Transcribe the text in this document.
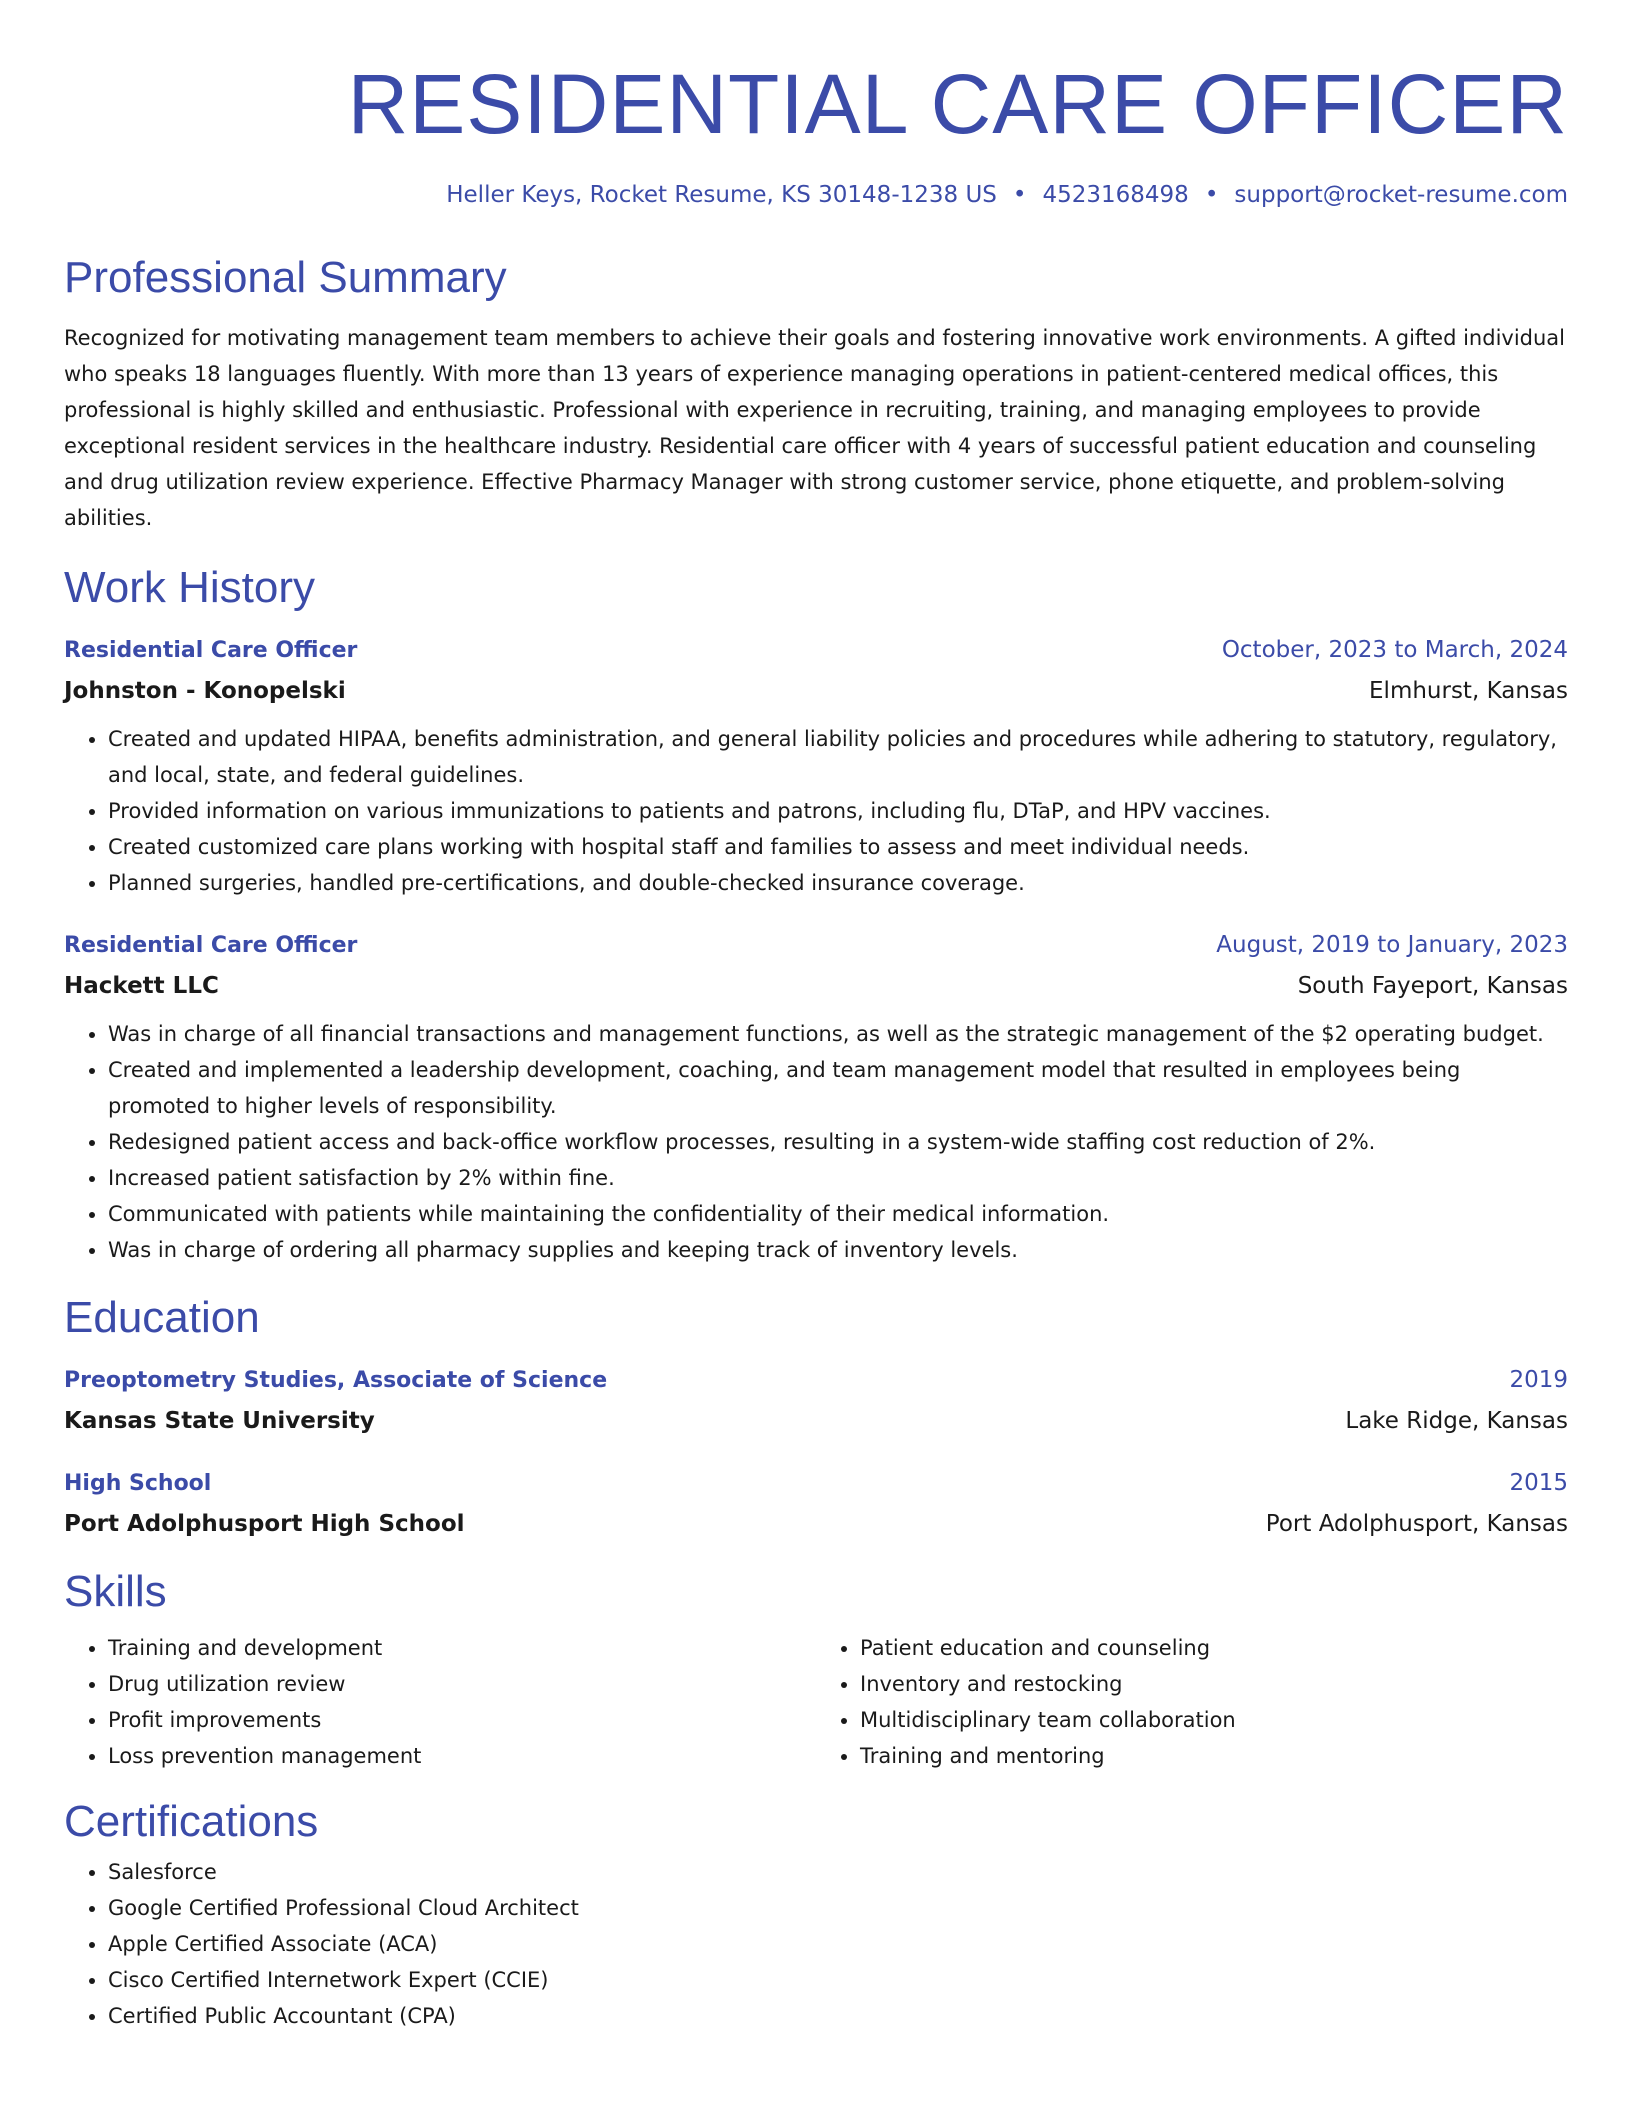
RESIDENTIAL CARE OFFICER
Heller Keys, Rocket Resume, KS 30148-1238 US • 4523168498 • support@rocket-resume.com
Professional Summary
Recognized for motivating management team members to achieve their goals and fostering innovative work environments. A gifted individual who speaks 18 languages fluently. With more than 13 years of experience managing operations in patient-centered medical offices, this professional is highly skilled and enthusiastic. Professional with experience in recruiting, training, and managing employees to provide exceptional resident services in the healthcare industry. Residential care officer with 4 years of successful patient education and counseling and drug utilization review experience. Effective Pharmacy Manager with strong customer service, phone etiquette, and problem-solving abilities.
Work History
Residential Care Officer	October, 2023 to March, 2024
Johnston - Konopelski	Elmhurst, Kansas
• Created and updated HIPAA, benefits administration, and general liability policies and procedures while adhering to statutory, regulatory, and local, state, and federal guidelines.
• Provided information on various immunizations to patients and patrons, including flu, DTaP, and HPV vaccines.
• Created customized care plans working with hospital staff and families to assess and meet individual needs.
• Planned surgeries, handled pre-certifications, and double-checked insurance coverage.
Residential Care Officer	August, 2019 to January, 2023
Hackett LLC	South Fayeport, Kansas
• Was in charge of all financial transactions and management functions, as well as the strategic management of the $2 operating budget.
• Created and implemented a leadership development, coaching, and team management model that resulted in employees being promoted to higher levels of responsibility.
• Redesigned patient access and back-office workflow processes, resulting in a system-wide staffing cost reduction of 2%.
• Increased patient satisfaction by 2% within fine.
• Communicated with patients while maintaining the confidentiality of their medical information.
• Was in charge of ordering all pharmacy supplies and keeping track of inventory levels.
Education
Preoptometry Studies, Associate of Science	2019
Kansas State University	Lake Ridge, Kansas
High School	2015
Port Adolphusport High School	Port Adolphusport, Kansas
Skills
• Training and development
• Drug utilization review
• Profit improvements
• Loss prevention management
• Patient education and counseling
• Inventory and restocking
• Multidisciplinary team collaboration
• Training and mentoring
Certifications
• Salesforce
• Google Certified Professional Cloud Architect
• Apple Certified Associate (ACA)
• Cisco Certified Internetwork Expert (CCIE)
• Certified Public Accountant (CPA)
